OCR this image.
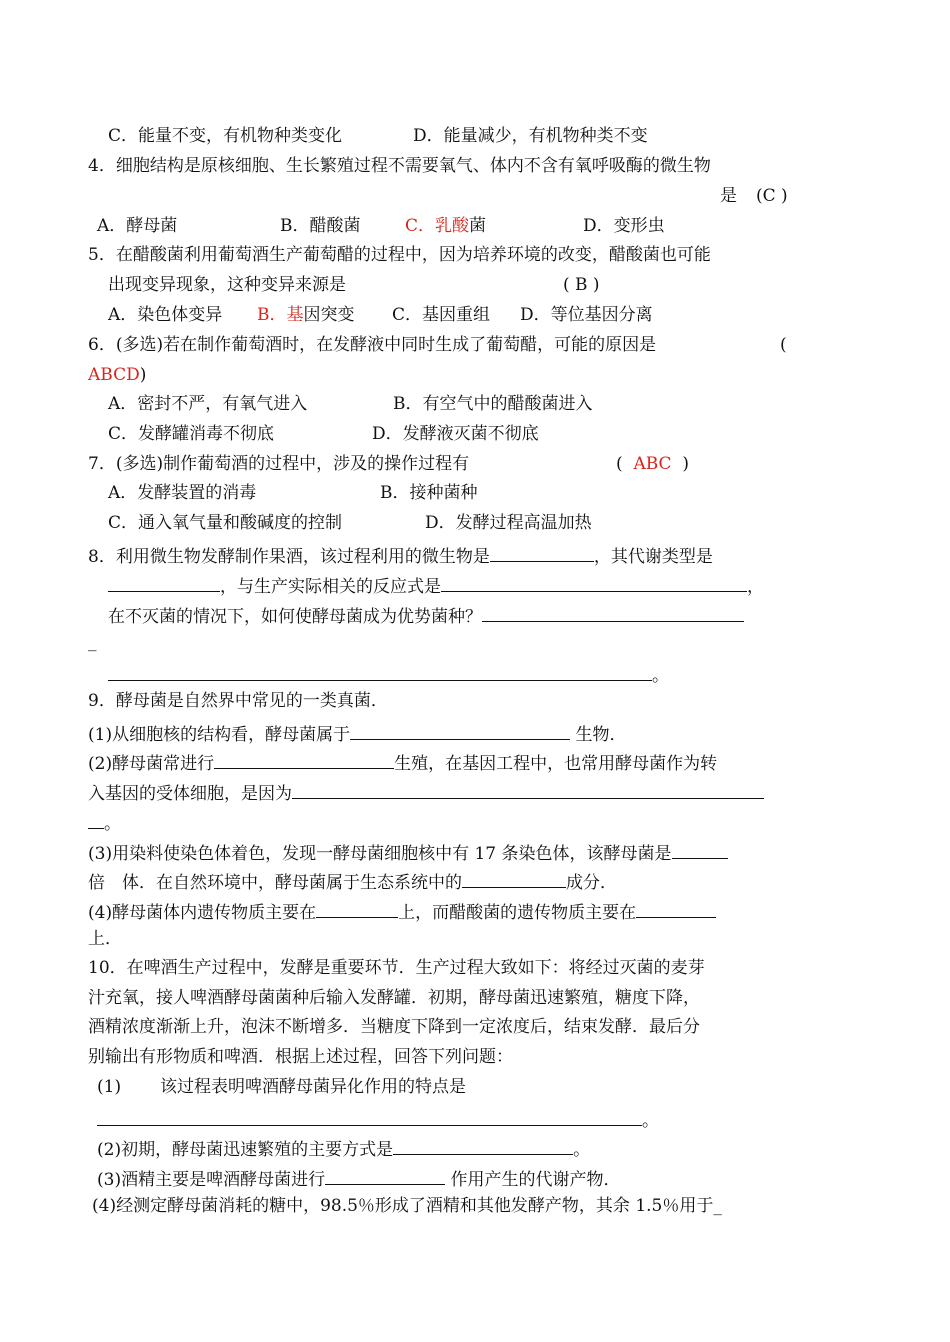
C．能量不变，有机物种类变化	D．能量减少，有机物种类不变
4．细胞结构是原核细胞、生长繁殖过程不需要氧气、体内不含有氧呼吸酶的微生物
是 (C )
A．酵母菌	B．醋酸菌	C．乳酸菌	D．变形虫
5．在醋酸菌利用葡萄酒生产葡萄醋的过程中，因为培养环境的改变，醋酸菌也可能
出现变异现象，这种变异来源是	( B )
A．染色体变异 B．基因突变 C．基因重组 D．等位基因分离
6．(多选)若在制作葡萄酒时，在发酵液中同时生成了葡萄醋，可能的原因是	(
ABCD)
A．密封不严，有氧气进入	B．有空气中的醋酸菌进入
C．发酵罐消毒不彻底	D．发酵液灭菌不彻底
7．(多选)制作葡萄酒的过程中，涉及的操作过程有	( ABC )
A．发酵装置的消毒	B．接种菌种
C．通入氧气量和酸碱度的控制	D．发酵过程高温加热
8．利用微生物发酵制作果酒，该过程利用的微生物是	，其代谢类型是
，与生产实际相关的反应式是	，
在不灭菌的情况下，如何使酵母菌成为优势菌种？
_
。
9．酵母菌是自然界中常见的一类真菌．
(1)从细胞核的结构看，酵母菌属于	生物．
(2)酵母菌常进行	生殖，在基因工程中，也常用酵母菌作为转
入基因的受体细胞，是因为
。
(3)用染料使染色体着色，发现一酵母菌细胞核中有 17 条染色体，该酵母菌是
倍　体．在自然环境中，酵母菌属于生态系统中的	成分．
(4)酵母菌体内遗传物质主要在	上，而醋酸菌的遗传物质主要在
上．
10．在啤酒生产过程中，发酵是重要环节．生产过程大致如下：将经过灭菌的麦芽
汁充氧，接人啤酒酵母菌菌种后输入发酵罐．初期，酵母菌迅速繁殖，糖度下降，
酒精浓度渐渐上升，泡沫不断增多．当糖度下降到一定浓度后，结束发酵．最后分
别输出有形物质和啤酒．根据上述过程，回答下列问题：
(1) 该过程表明啤酒酵母菌异化作用的特点是
。
(2)初期，酵母菌迅速繁殖的主要方式是	。
(3)酒精主要是啤酒酵母菌进行	作用产生的代谢产物．
(4)经测定酵母菌消耗的糖中，98.5％形成了酒精和其他发酵产物，其余 1.5％用于_
